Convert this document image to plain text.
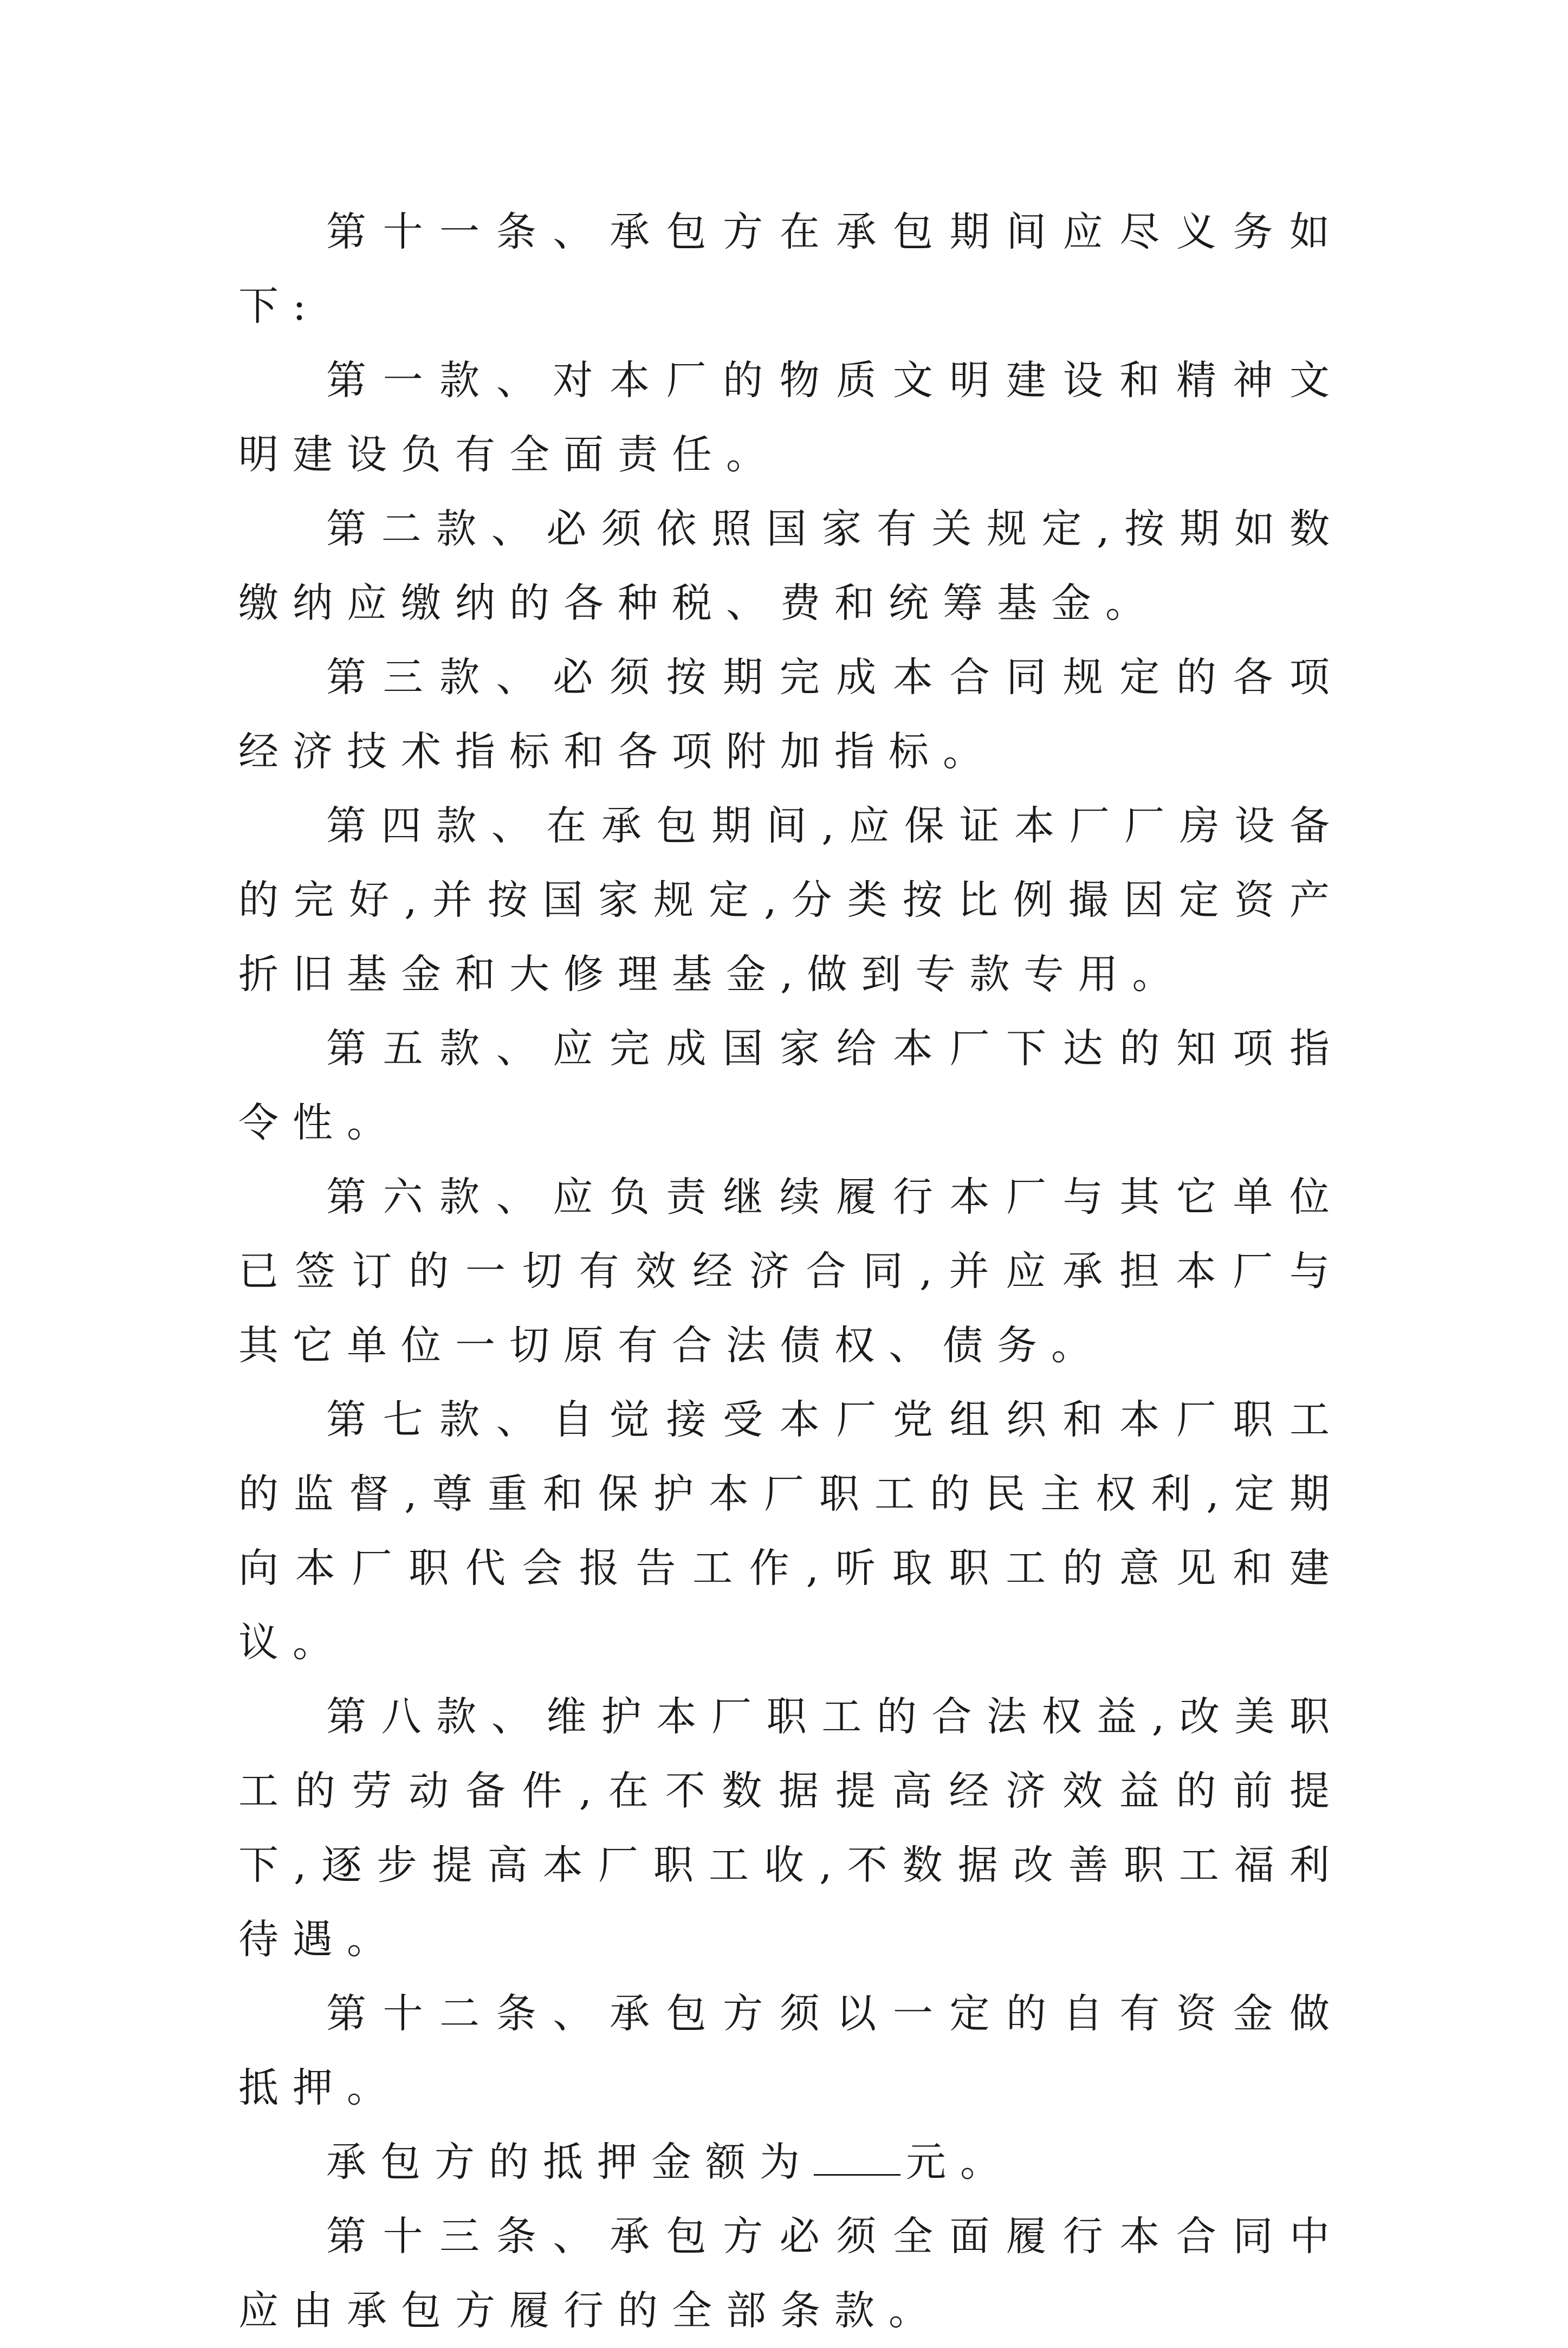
第十一条、承包方在承包期间应尽义务如下:

第一款、对本厂的物质文明建设和精神文明建设负有全面责任。

第二款、必须依照国家有关规定,按期如数缴纳应缴纳的各种税、费和统筹基金。

第三款、必须按期完成本合同规定的各项经济技术指标和各项附加指标。

第四款、在承包期间,应保证本厂厂房设备的完好,并按国家规定,分类按比例撮因定资产折旧基金和大修理基金,做到专款专用。

第五款、应完成国家给本厂下达的知项指令性。

第六款、应负责继续履行本厂与其它单位已签订的一切有效经济合同,并应承担本厂与其它单位一切原有合法债权、债务。

第七款、自觉接受本厂党组织和本厂职工的监督,尊重和保护本厂职工的民主权利,定期向本厂职代会报告工作,听取职工的意见和建议。

第八款、维护本厂职工的合法权益,改美职工的劳动备件,在不数据提高经济效益的前提下,逐步提高本厂职工收,不数据改善职工福利待遇。

第十二条、承包方须以一定的自有资金做抵押。

承包方的抵押金额为 元。

第十三条、承包方必须全面履行本合同中应由承包方履行的全部条款。
